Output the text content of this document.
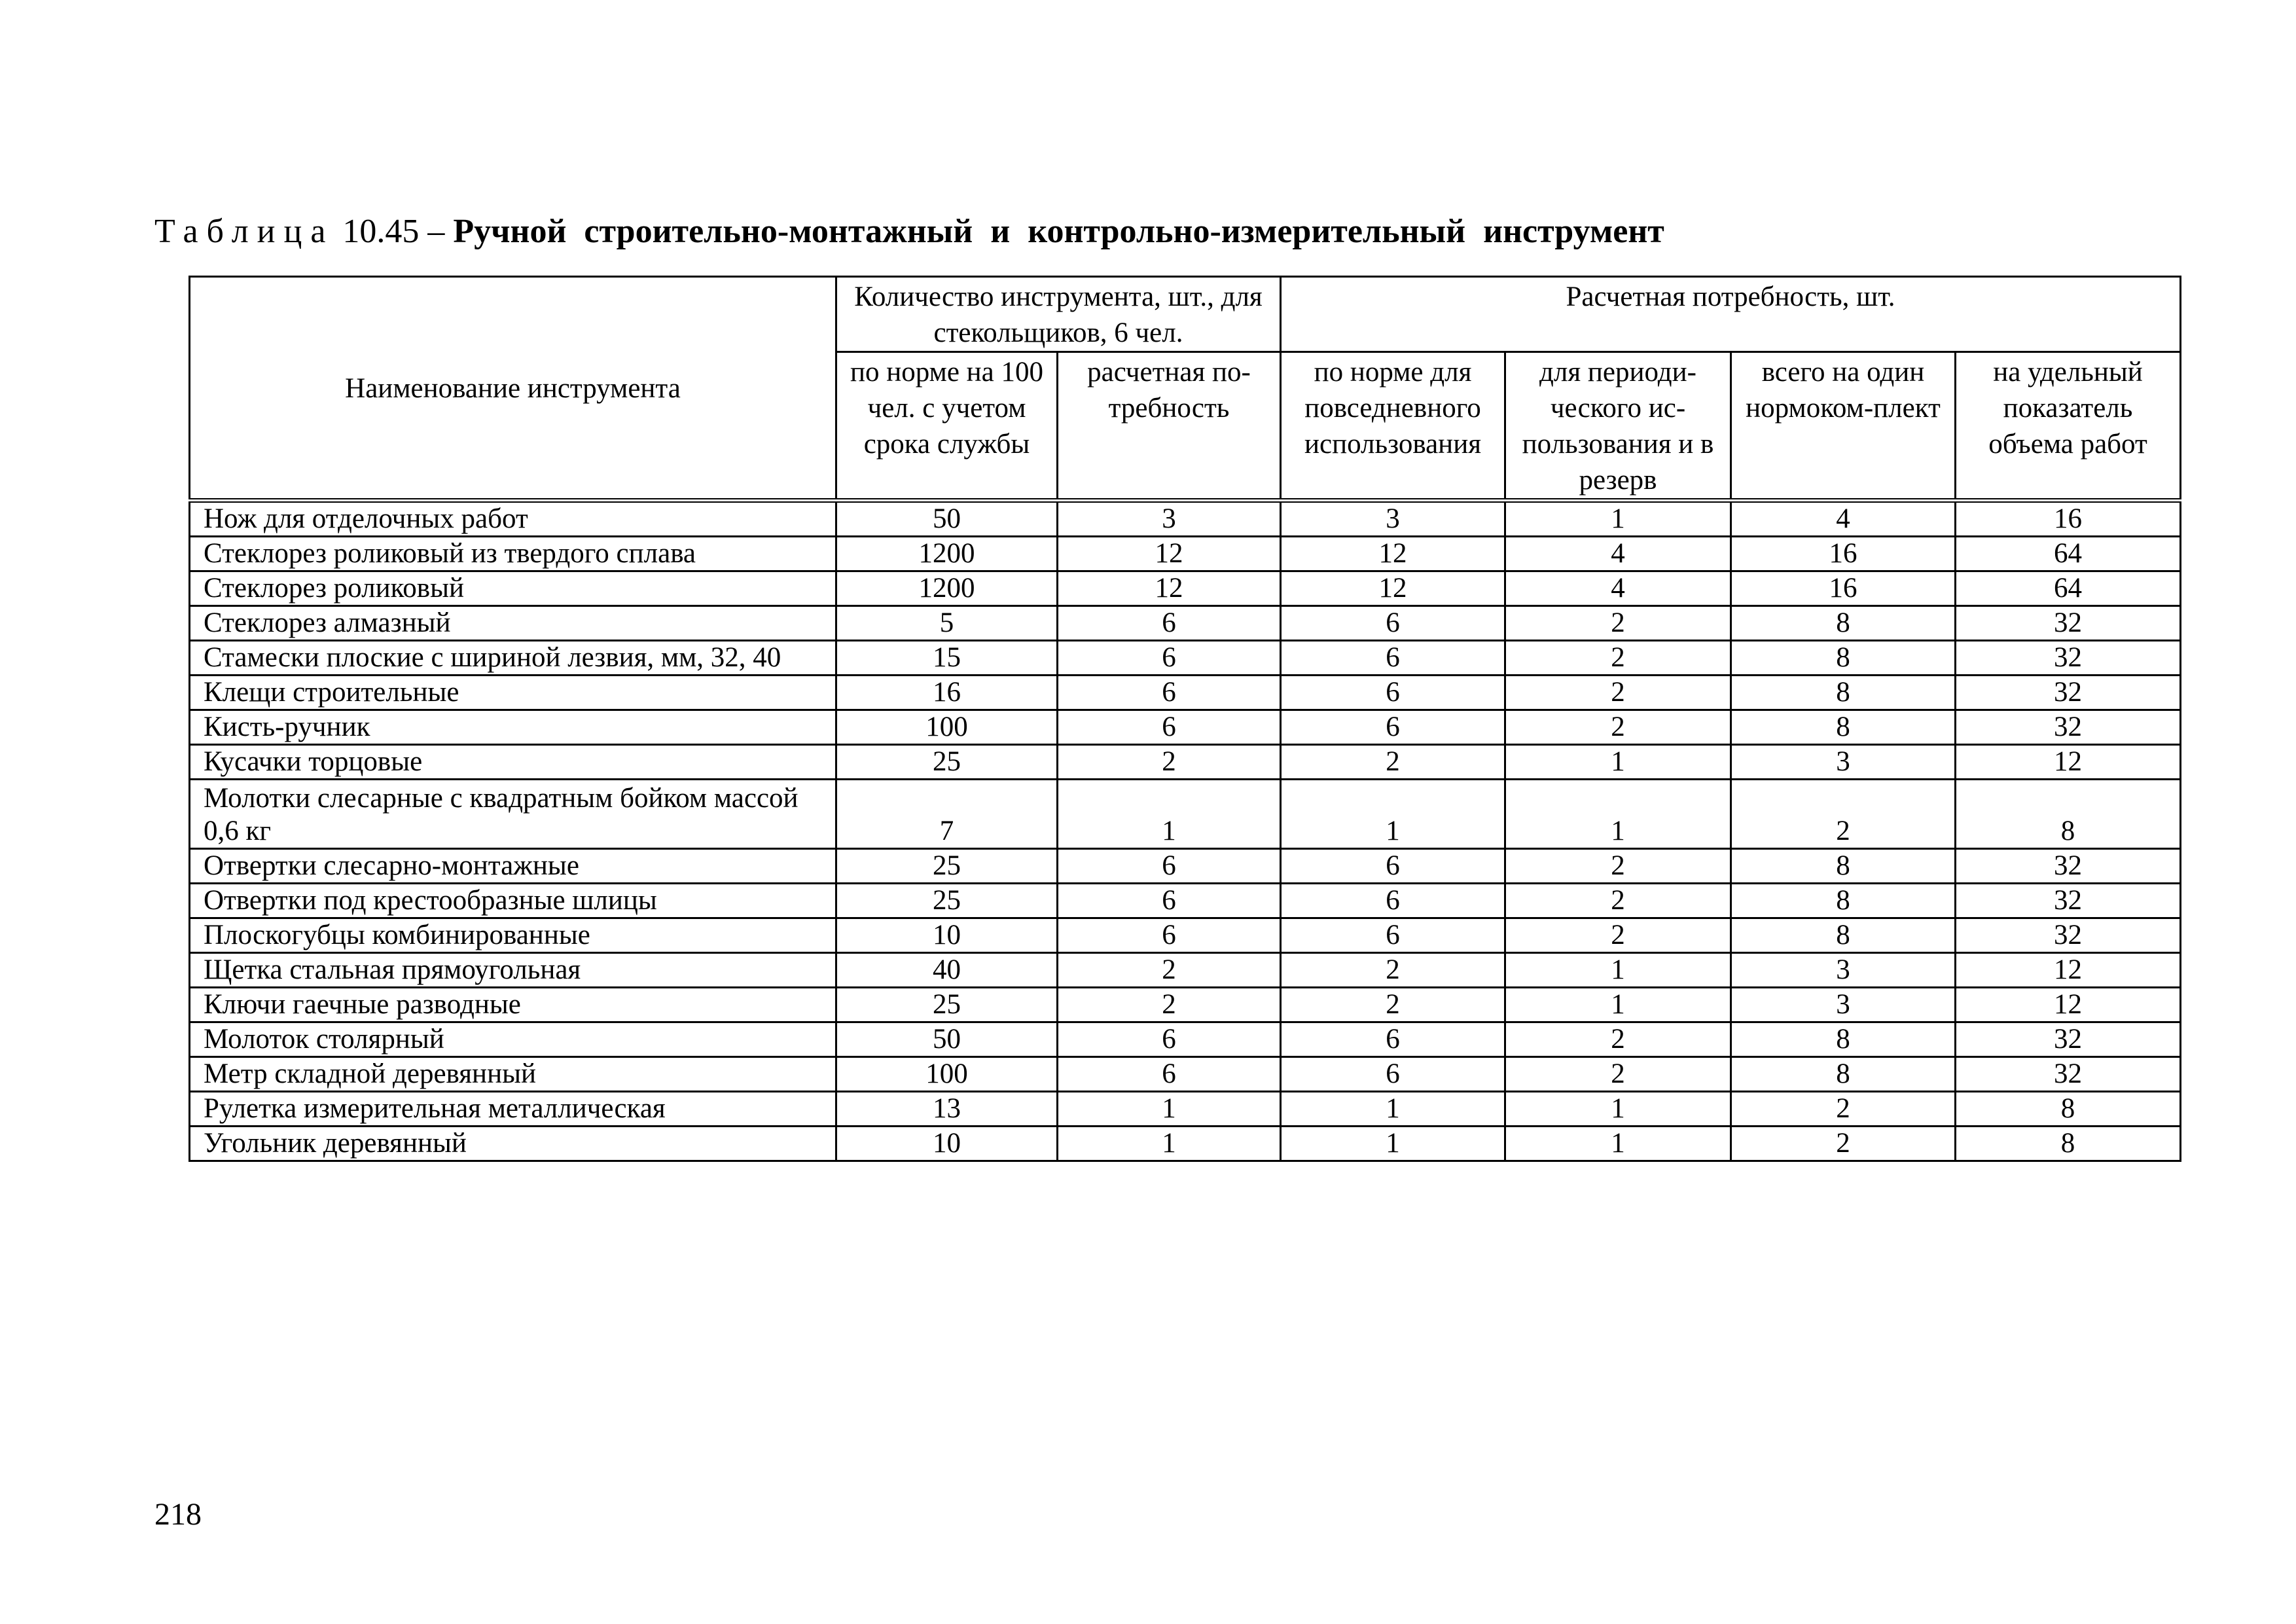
Таблица 10.45 – Ручной строительно-монтажный и контрольно-измерительный инструмент
Наименование инструмента	Количество инструмента, шт., для стекольщиков, 6 чел.		Расчетная потребность, шт.			
	по норме на 100 чел. с учетом срока службы	расчетная по-требность	по норме для повседневного использования	для периоди-ческого ис-пользования и в резерв	всего на один нормоком-плект	на удельный показатель объема работ
Нож для отделочных работ	50	3	3	1	4	16
Стеклорез роликовый из твердого сплава	1200	12	12	4	16	64
Стеклорез роликовый	1200	12	12	4	16	64
Стеклорез алмазный	5	6	6	2	8	32
Стамески плоские с шириной лезвия, мм, 32, 40	15	6	6	2	8	32
Клещи строительные	16	6	6	2	8	32
Кисть-ручник	100	6	6	2	8	32
Кусачки торцовые	25	2	2	1	3	12
Молотки слесарные с квадратным бойком массой 0,6 кг	7	1	1	1	2	8
Отвертки слесарно-монтажные	25	6	6	2	8	32
Отвертки под крестообразные шлицы	25	6	6	2	8	32
Плоскогубцы комбинированные	10	6	6	2	8	32
Щетка стальная прямоугольная	40	2	2	1	3	12
Ключи гаечные разводные	25	2	2	1	3	12
Молоток столярный	50	6	6	2	8	32
Метр складной деревянный	100	6	6	2	8	32
Рулетка измерительная металлическая	13	1	1	1	2	8
Угольник деревянный	10	1	1	1	2	8
218
